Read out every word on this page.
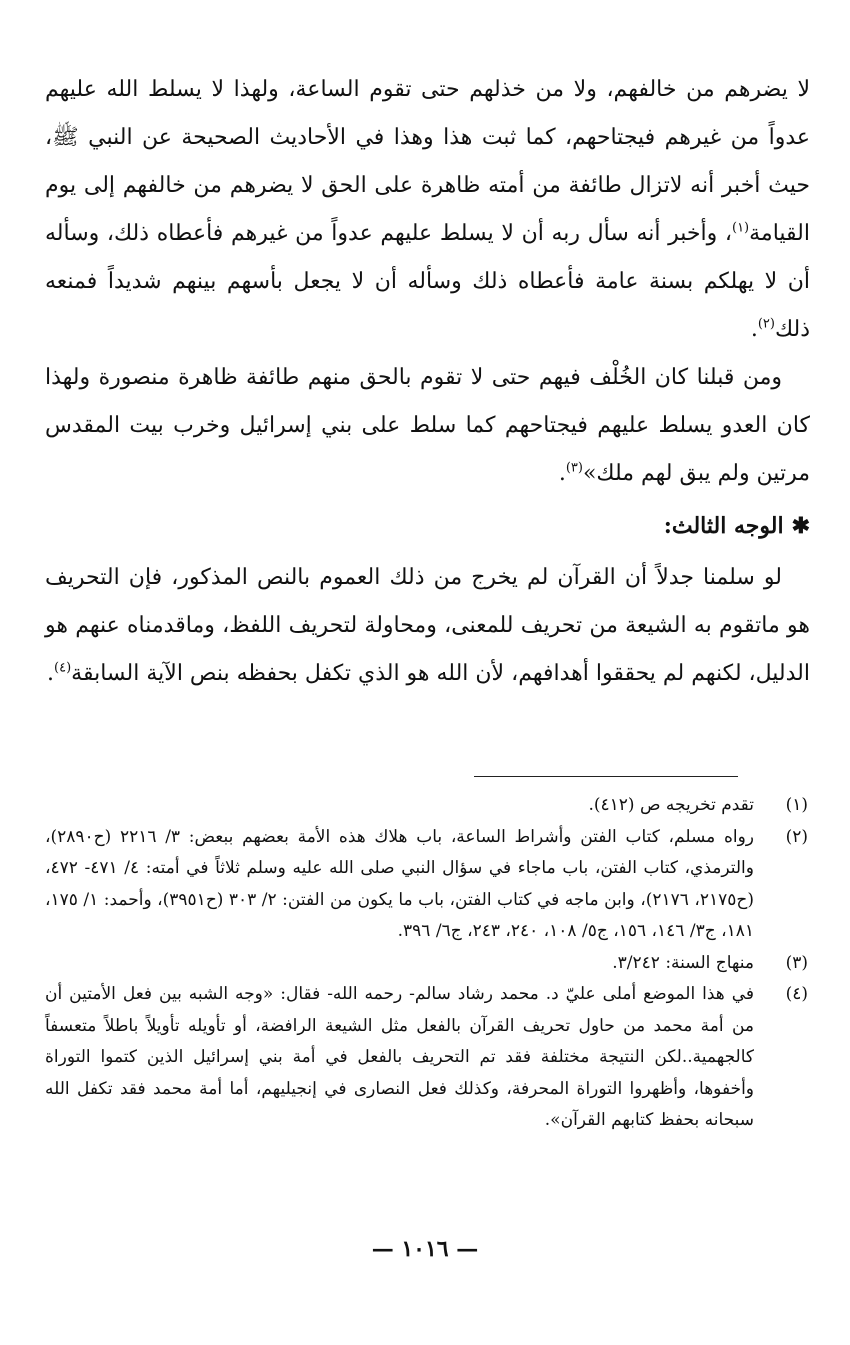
لا يضرهم من خالفهم، ولا من خذلهم حتى تقوم الساعة، ولهذا لا يسلط الله عليهم عدواً من غيرهم فيجتاحهم، كما ثبت هذا وهذا في الأحاديث الصحيحة عن النبي ﷺ، حيث أخبر أنه لاتزال طائفة من أمته ظاهرة على الحق لا يضرهم من خالفهم إلى يوم القيامة$^{(١)}$، وأخبر أنه سأل ربه أن لا يسلط عليهم عدواً من غيرهم فأعطاه ذلك، وسأله أن لا يهلكم بسنة عامة فأعطاه ذلك وسأله أن لا يجعل بأسهم بينهم شديداً فمنعه ذلك$^{(٢)}$.

ومن قبلنا كان الخُلْف فيهم حتى لا تقوم بالحق منهم طائفة ظاهرة منصورة ولهذا كان العدو يسلط عليهم فيجتاحهم كما سلط على بني إسرائيل وخرب بيت المقدس مرتين ولم يبق لهم ملك»$^{(٣)}$.

✱الوجه الثالث:

لو سلمنا جدلاً أن القرآن لم يخرج من ذلك العموم بالنص المذكور، فإن التحريف هو ماتقوم به الشيعة من تحريف للمعنى، ومحاولة لتحريف اللفظ، وماقدمناه عنهم هو الدليل، لكنهم لم يحققوا أهدافهم، لأن الله هو الذي تكفل بحفظه بنص الآية السابقة$^{(٤)}$.

(١)
تقدم تخريجه ص (٤١٢).
(٢)
رواه مسلم، كتاب الفتن وأشراط الساعة، باب هلاك هذه الأمة بعضهم ببعض: ٣/ ٢٢١٦ (ح٢٨٩٠)، والترمذي، كتاب الفتن، باب ماجاء في سؤال النبي صلى الله عليه وسلم ثلاثاً في أمته: ٤/ ٤٧١- ٤٧٢، (ح٢١٧٥، ٢١٧٦)، وابن ماجه في كتاب الفتن، باب ما يكون من الفتن: ٢/ ٣٠٣ (ح٣٩٥١)، وأحمد: ١/ ١٧٥، ١٨١، ج٣/ ١٤٦، ١٥٦، ج٥/ ١٠٨، ٢٤٠، ٢٤٣، ج٦/ ٣٩٦.
(٣)
منهاج السنة: ٣/٢٤٢.
(٤)
في هذا الموضع أملى عليّ د. محمد رشاد سالم- رحمه الله- فقال: «وجه الشبه بين فعل الأمتين أن من أمة محمد من حاول تحريف القرآن بالفعل مثل الشيعة الرافضة، أو تأويله تأويلاً باطلاً متعسفاً كالجهمية..لكن النتيجة مختلفة فقد تم التحريف بالفعل في أمة بني إسرائيل الذين كتموا التوراة وأخفوها، وأظهروا التوراة المحرفة، وكذلك فعل النصارى في إنجيليهم، أما أمة محمد فقد تكفل الله سبحانه بحفظ كتابهم القرآن».
— ١٠١٦ —
